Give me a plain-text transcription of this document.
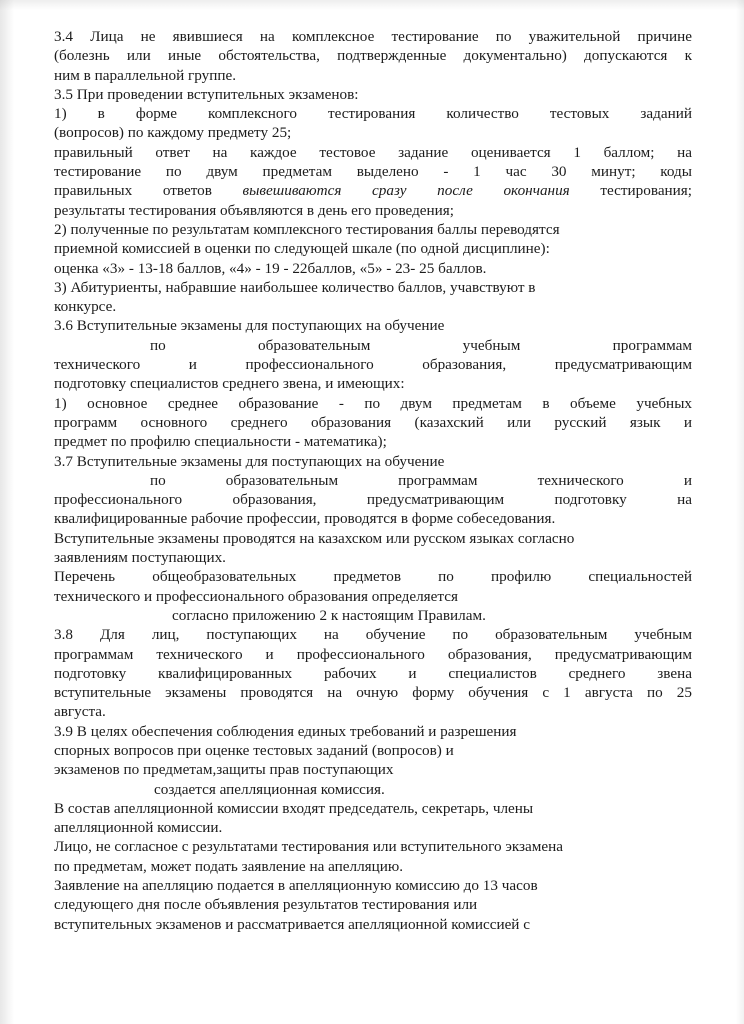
3.4 Лица не явившиеся на комплексное тестирование по уважительной причине
(болезнь или иные обстоятельства, подтвержденные документально) допускаются к
ним в параллельной группе.
3.5 При проведении вступительных экзаменов:
1) в форме комплексного тестирования количество тестовых заданий
(вопросов) по каждому предмету 25;
правильный ответ на каждое тестовое задание оценивается 1 баллом; на
тестирование по двум предметам выделено - 1 час 30 минут; коды
правильных ответов вывешиваются сразу после окончания тестирования;
результаты тестирования объявляются в день его проведения;
2) полученные по результатам комплексного тестирования баллы переводятся
приемной комиссией в оценки по следующей шкале (по одной дисциплине):
оценка «3» - 13-18 баллов, «4» - 19 - 22баллов, «5» - 23- 25 баллов.
3) Абитуриенты, набравшие наибольшее количество баллов, учавствуют в
конкурсе.
3.6 Вступительные экзамены для поступающих на обучение
по образовательным учебным программам
технического и профессионального образования, предусматривающим
подготовку специалистов среднего звена, и имеющих:
1) основное среднее образование - по двум предметам в объеме учебных
программ основного среднего образования (казахский или русский язык и
предмет по профилю специальности - математика);
3.7 Вступительные экзамены для поступающих на обучение
по образовательным программам технического и
профессионального образования, предусматривающим подготовку на
квалифицированные рабочие профессии, проводятся в форме собеседования.
Вступительные экзамены проводятся на казахском или русском языках согласно
заявлениям поступающих.
Перечень общеобразовательных предметов по профилю специальностей
технического и профессионального образования определяется
согласно приложению 2 к настоящим Правилам.
3.8 Для лиц, поступающих на обучение по образовательным учебным
программам технического и профессионального образования, предусматривающим
подготовку квалифицированных рабочих и специалистов среднего звена
вступительные экзамены проводятся на очную форму обучения с 1 августа по 25
августа.
3.9 В целях обеспечения соблюдения единых требований и разрешения
спорных вопросов при оценке тестовых заданий (вопросов) и
экзаменов по предметам,защиты прав поступающих
создается апелляционная комиссия.
В состав апелляционной комиссии входят председатель, секретарь, члены
апелляционной комиссии.
Лицо, не согласное с результатами тестирования или вступительного экзамена
по предметам, может подать заявление на апелляцию.
Заявление на апелляцию подается в апелляционную комиссию до 13 часов
следующего дня после объявления результатов тестирования или
вступительных экзаменов и рассматривается апелляционной комиссией с
